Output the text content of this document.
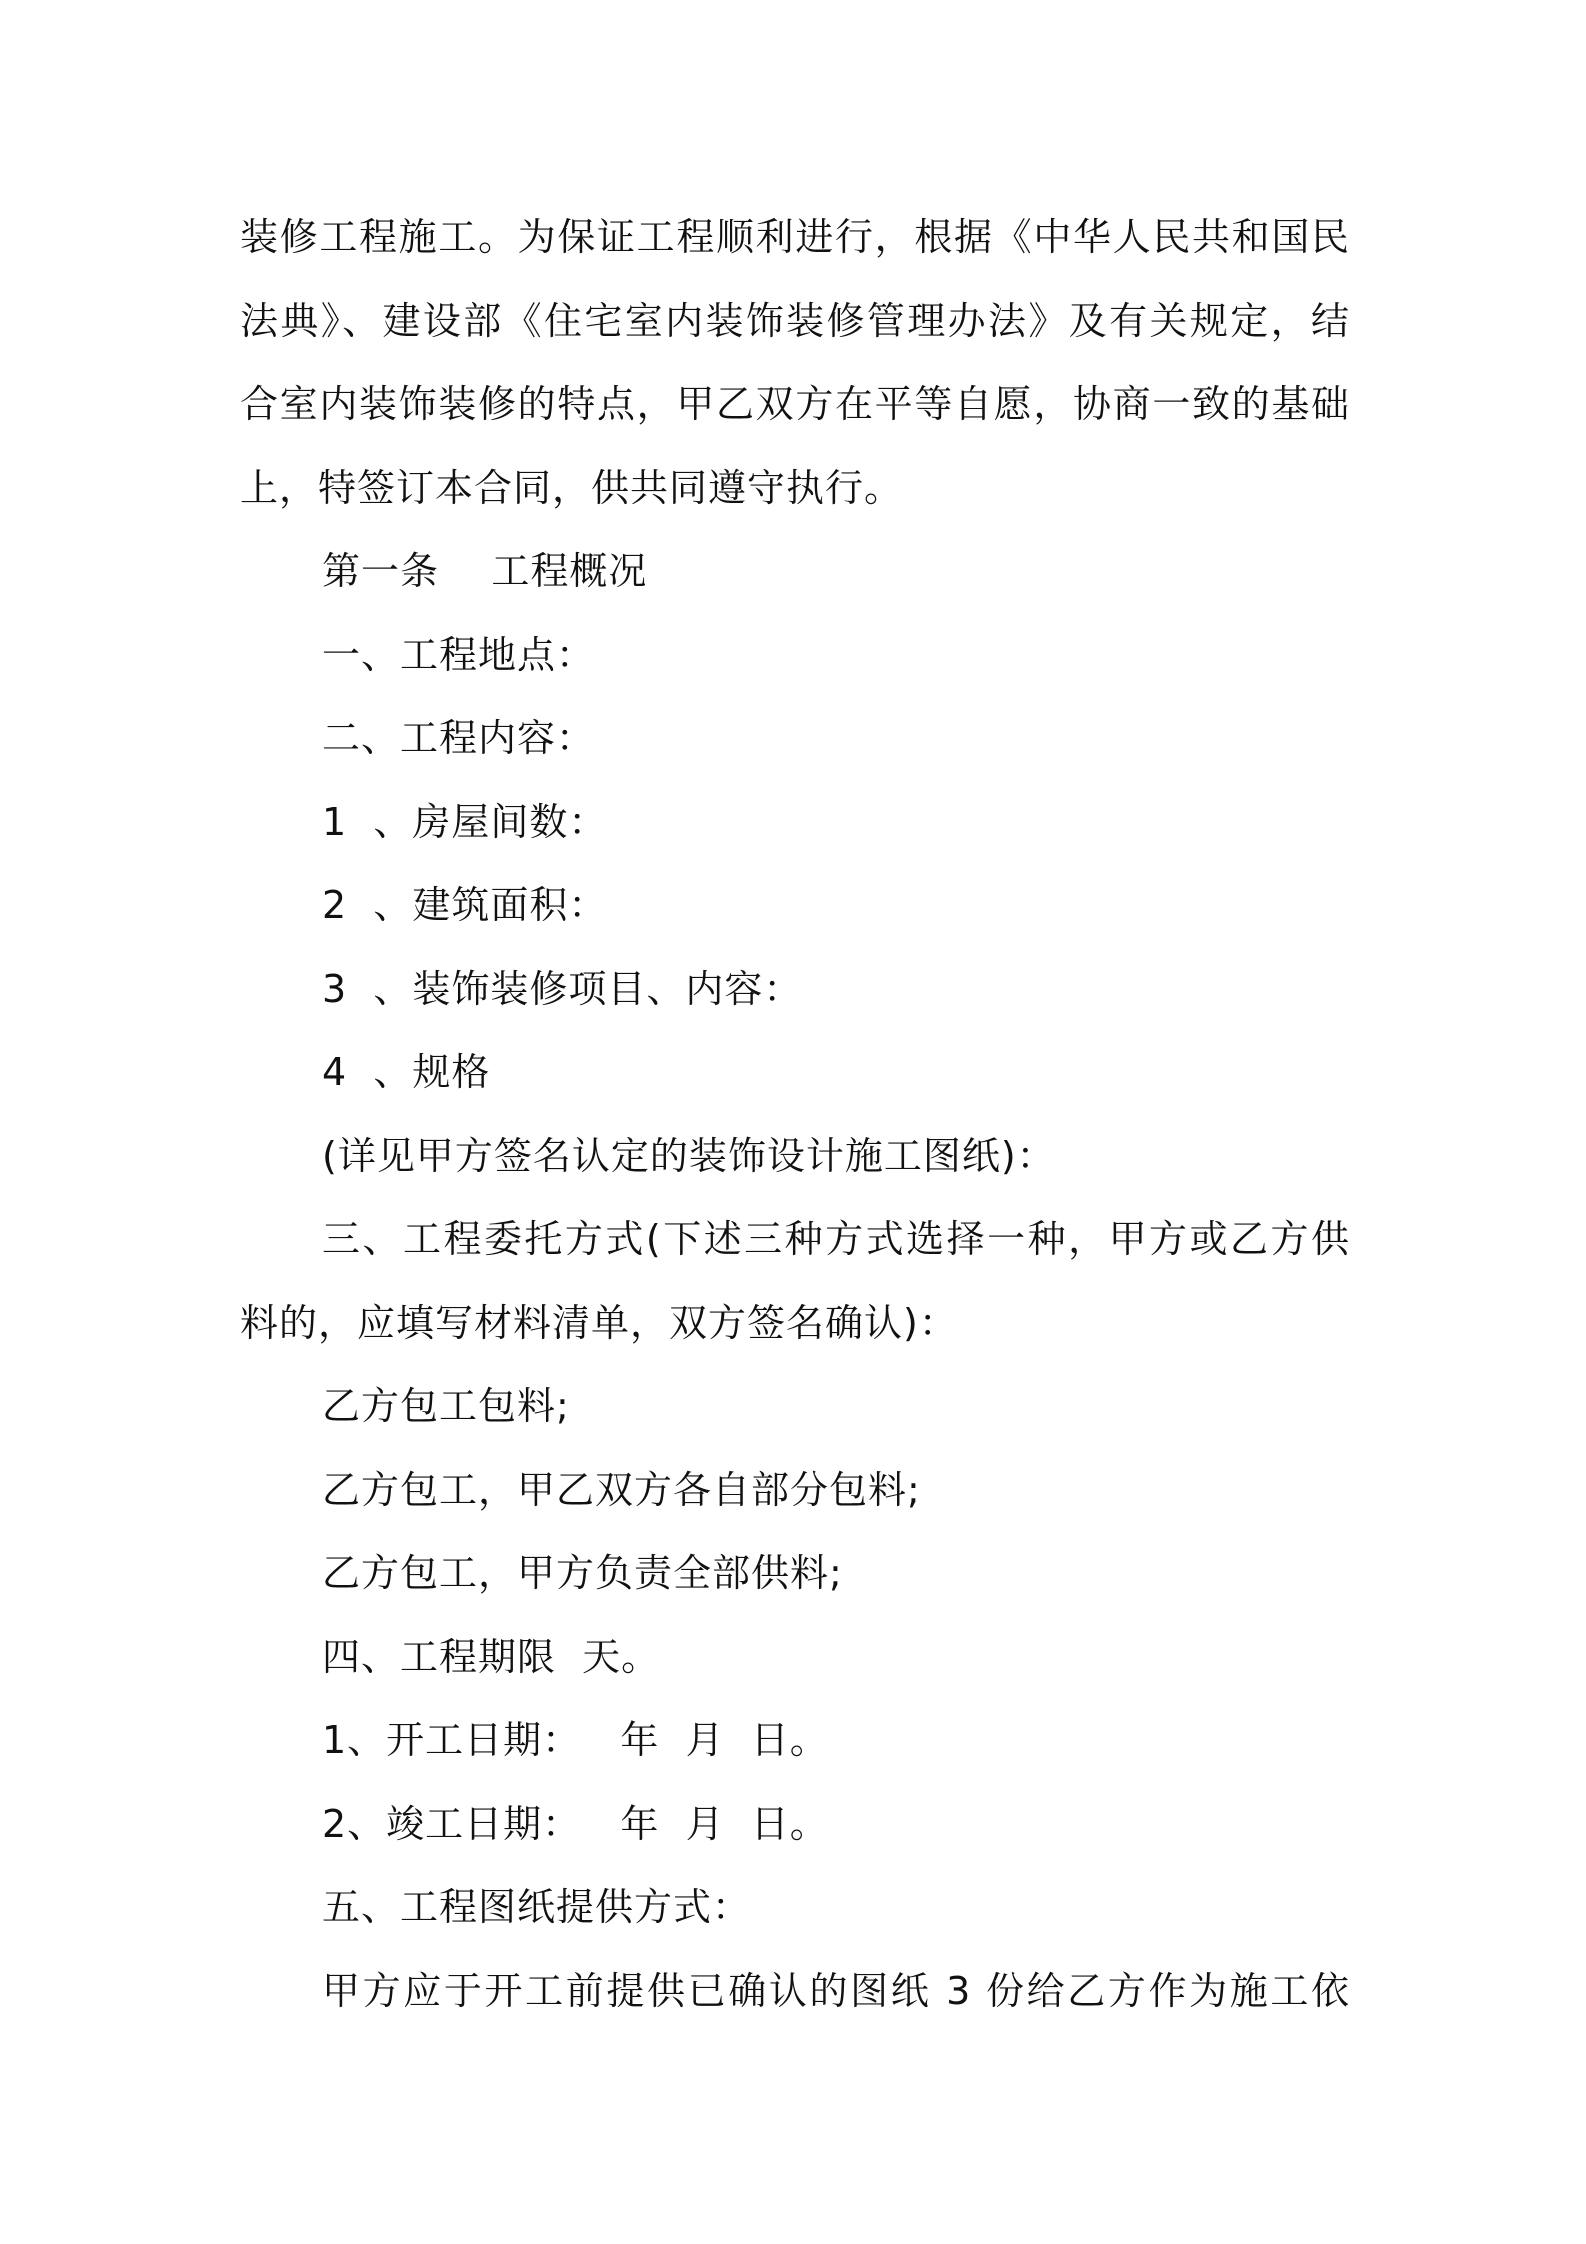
装修工程施工。为保证工程顺利进行，根据《中华人民共和国民
法典》、建设部《住宅室内装饰装修管理办法》及有关规定，结
合室内装饰装修的特点，甲乙双方在平等自愿，协商一致的基础
上，特签订本合同，供共同遵守执行。
第一条    工程概况
一、工程地点：
二、工程内容：
1  、房屋间数：
2  、建筑面积：
3  、装饰装修项目、内容：
4  、规格
(详见甲方签名认定的装饰设计施工图纸)：
三、工程委托方式(下述三种方式选择一种，甲方或乙方供
料的，应填写材料清单，双方签名确认)：
乙方包工包料;
乙方包工，甲乙双方各自部分包料;
乙方包工，甲方负责全部供料;
四、工程期限  天。
1、开工日期：   年  月  日。
2、竣工日期：   年  月  日。
五、工程图纸提供方式：
甲方应于开工前提供已确认的图纸 3 份给乙方作为施工依
